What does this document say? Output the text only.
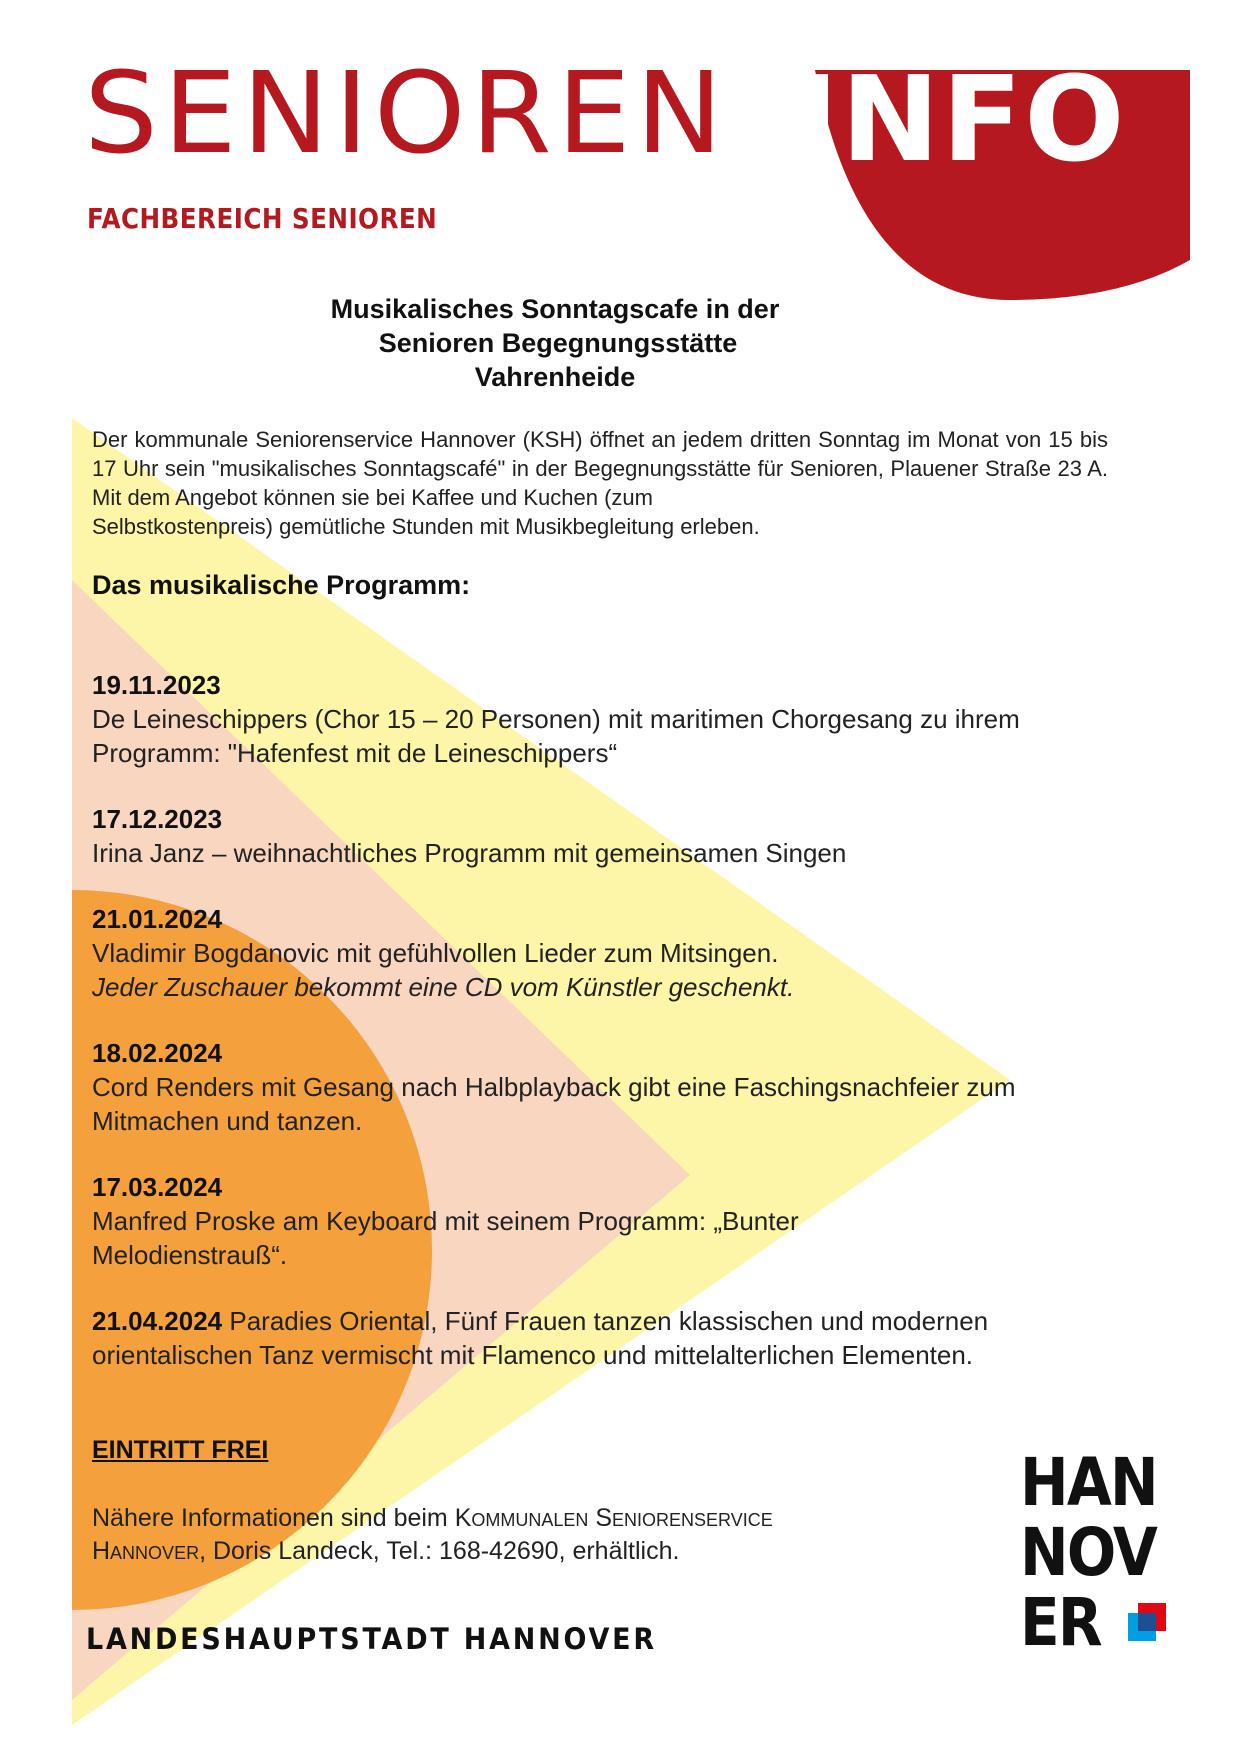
SENIOREN INFO
FACHBEREICH SENIOREN
Musikalisches Sonntagscafe in der
Senioren Begegnungsstätte
Vahrenheide
Der kommunale Seniorenservice Hannover (KSH) öffnet an jedem dritten Sonntag im Monat von 15 bis 17 Uhr sein "musikalisches Sonntagscafé" in der Begegnungsstätte für Senioren, Plauener Straße 23 A. Mit dem Angebot können sie bei Kaffee und Kuchen (zum
Selbstkostenpreis) gemütliche Stunden mit Musikbegleitung erleben.
Das musikalische Programm:
19.11.2023
De Leineschippers (Chor 15 – 20 Personen) mit maritimen Chorgesang zu ihrem Programm: "Hafenfest mit de Leineschippers“
17.12.2023
Irina Janz – weihnachtliches Programm mit gemeinsamen Singen
21.01.2024
Vladimir Bogdanovic mit gefühlvollen Lieder zum Mitsingen.
Jeder Zuschauer bekommt eine CD vom Künstler geschenkt.
18.02.2024
Cord Renders mit Gesang nach Halbplayback gibt eine Faschingsnachfeier zum Mitmachen und tanzen.
17.03.2024
Manfred Proske am Keyboard mit seinem Programm: „Bunter Melodienstrauß“.
21.04.2024 Paradies Oriental, Fünf Frauen tanzen klassischen und modernen orientalischen Tanz vermischt mit Flamenco und mittelalterlichen Elementen.
EINTRITT FREI
Nähere Informationen sind beim Kommunalen Seniorenservice
Hannover, Doris Landeck, Tel.: 168-42690, erhältlich.
LANDESHAUPTSTADT HANNOVER
HAN
NOV
ER
